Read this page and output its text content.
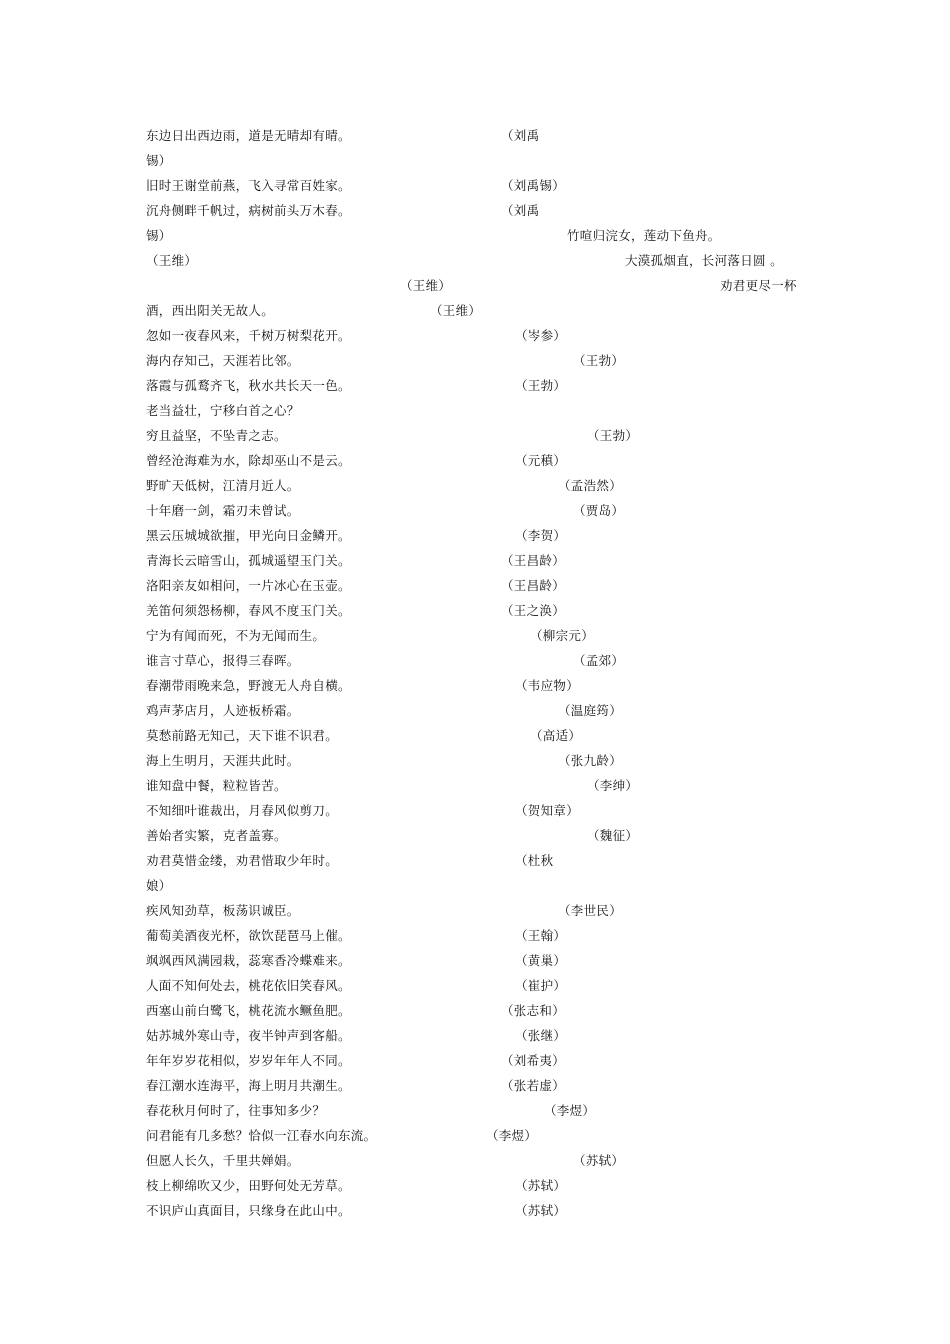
东边日出西边雨，道是无晴却有晴。	（刘禹
锡）
旧时王谢堂前燕，飞入寻常百姓家。	（刘禹锡）
沉舟侧畔千帆过，病树前头万木春。	（刘禹
锡）	竹喧归浣女，莲动下鱼舟。
（王维）	大漠孤烟直，长河落日圆 。
（王维）	劝君更尽一杯
酒，西出阳关无故人。	（王维）
忽如一夜春风来，千树万树梨花开。	（岑参）
海内存知己，天涯若比邻。	（王勃）
落霞与孤鹜齐飞，秋水共长天一色。	（王勃）
老当益壮，宁移白首之心？
穷且益坚，不坠青之志。	（王勃）
曾经沧海难为水，除却巫山不是云。	（元稹）
野旷天低树，江清月近人。	（孟浩然）
十年磨一剑，霜刃未曾试。	（贾岛）
黑云压城城欲摧，甲光向日金鳞开。	（李贺）
青海长云暗雪山，孤城遥望玉门关。	（王昌龄）
洛阳亲友如相问，一片冰心在玉壶。	（王昌龄）
羌笛何须怨杨柳，春风不度玉门关。	（王之涣）
宁为有闻而死，不为无闻而生。	（柳宗元）
谁言寸草心，报得三春晖。	（孟郊）
春潮带雨晚来急，野渡无人舟自横。	（韦应物）
鸡声茅店月，人迹板桥霜。	（温庭筠）
莫愁前路无知己，天下谁不识君。	（高适）
海上生明月，天涯共此时。	（张九龄）
谁知盘中餐，粒粒皆苦。	（李绅）
不知细叶谁裁出，月春风似剪刀。	（贺知章）
善始者实繁，克者盖寡。	（魏征）
劝君莫惜金缕，劝君惜取少年时。	（杜秋
娘）
疾风知劲草，板荡识诚臣。	（李世民）
葡萄美酒夜光杯，欲饮琵琶马上催。	（王翰）
飒飒西风满园栽，蕊寒香冷蝶难来。	（黄巢）
人面不知何处去，桃花依旧笑春风。	（崔护）
西塞山前白鹭飞，桃花流水鳜鱼肥。	（张志和）
姑苏城外寒山寺，夜半钟声到客船。	（张继）
年年岁岁花相似，岁岁年年人不同。	（刘希夷）
春江潮水连海平，海上明月共潮生。	（张若虚）
春花秋月何时了，往事知多少？	（李煜）
问君能有几多愁？恰似一江春水向东流。	（李煜）
但愿人长久，千里共婵娟。	（苏轼）
枝上柳绵吹又少，田野何处无芳草。	（苏轼）
不识庐山真面目，只缘身在此山中。	（苏轼）
